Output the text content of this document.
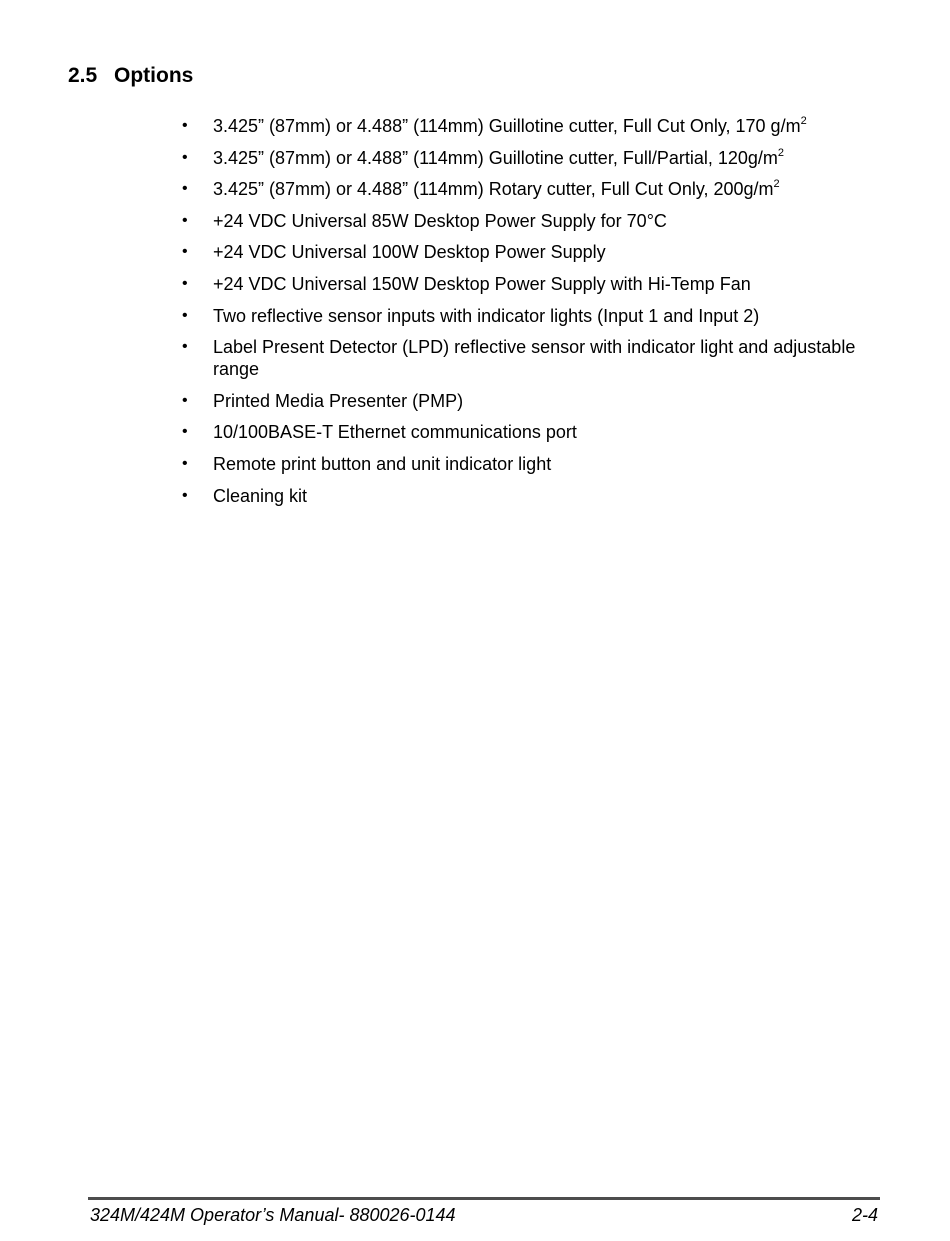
2.5 Options
• 3.425” (87mm) or 4.488” (114mm) Guillotine cutter, Full Cut Only, 170 $g/m^2$
• 3.425” (87mm) or 4.488” (114mm) Guillotine cutter, Full/Partial, $120g/m^2$
• 3.425” (87mm) or 4.488” (114mm) Rotary cutter, Full Cut Only, $200g/m^2$
• +24 VDC Universal 85W Desktop Power Supply for 70°C
• +24 VDC Universal 100W Desktop Power Supply
• +24 VDC Universal 150W Desktop Power Supply with Hi-Temp Fan
• Two reflective sensor inputs with indicator lights (Input 1 and Input 2)
• Label Present Detector (LPD) reflective sensor with indicator light and adjustable range
• Printed Media Presenter (PMP)
• 10/100BASE-T Ethernet communications port
• Remote print button and unit indicator light
• Cleaning kit
324M/424M Operator’s Manual- 880026-0144	2-4
